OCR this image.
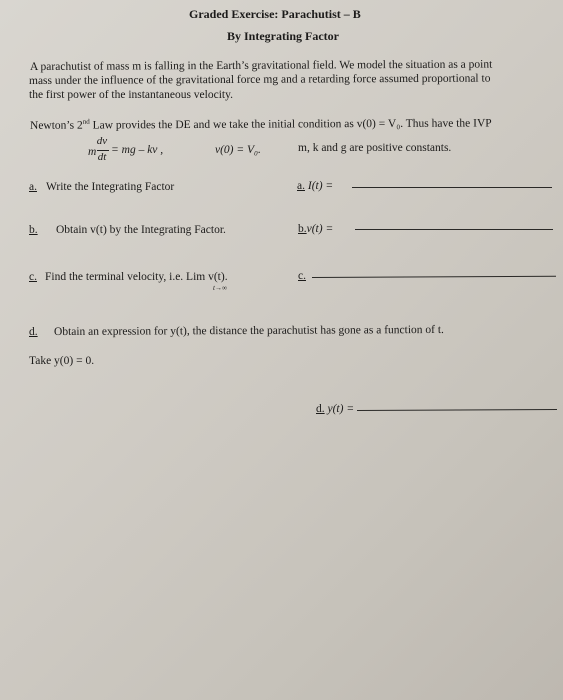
Graded Exercise: Parachutist – B
By Integrating Factor
A parachutist of mass m is falling in the Earth’s gravitational field. We model the situation as a point
mass under the influence of the gravitational force mg and a retarding force assumed proportional to
the first power of the instantaneous velocity.
Newton’s 2nd Law provides the DE and we take the initial condition as v(0) = V₀. Thus have the IVP
m
dv
dt
= mg – kv ,	v(0) = V₀.	m, k and g are positive constants.
a. Write the Integrating Factor	a. I(t) =
b. Obtain v(t) by the Integrating Factor.	b.v(t) =
c. Find the terminal velocity, i.e. Lim v(t).
t→∞
c.
d. Obtain an expression for y(t), the distance the parachutist has gone as a function of t.
Take y(0) = 0.
d. y(t) =
